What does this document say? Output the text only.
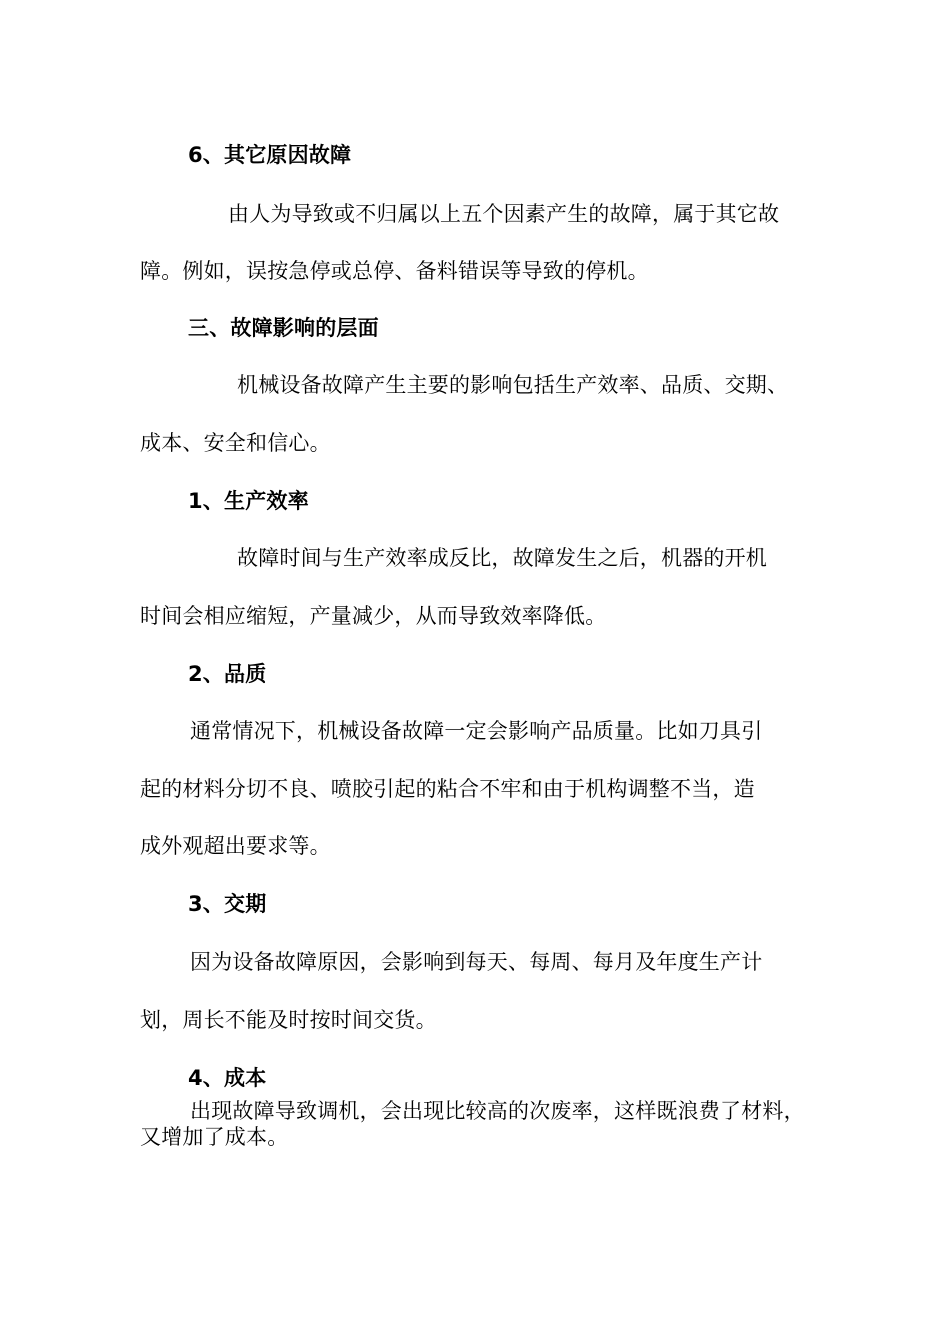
6、其它原因故障
由人为导致或不归属以上五个因素产生的故障，属于其它故
障。例如，误按急停或总停、备料错误等导致的停机。
三、故障影响的层面
机械设备故障产生主要的影响包括生产效率、品质、交期、
成本、安全和信心。
1、生产效率
故障时间与生产效率成反比，故障发生之后，机器的开机
时间会相应缩短，产量减少，从而导致效率降低。
2、品质
通常情况下，机械设备故障一定会影响产品质量。比如刀具引
起的材料分切不良、喷胶引起的粘合不牢和由于机构调整不当，造
成外观超出要求等。
3、交期
因为设备故障原因，会影响到每天、每周、每月及年度生产计
划，周长不能及时按时间交货。
4、成本
出现故障导致调机，会出现比较高的次废率，这样既浪费了材料，
又增加了成本。
